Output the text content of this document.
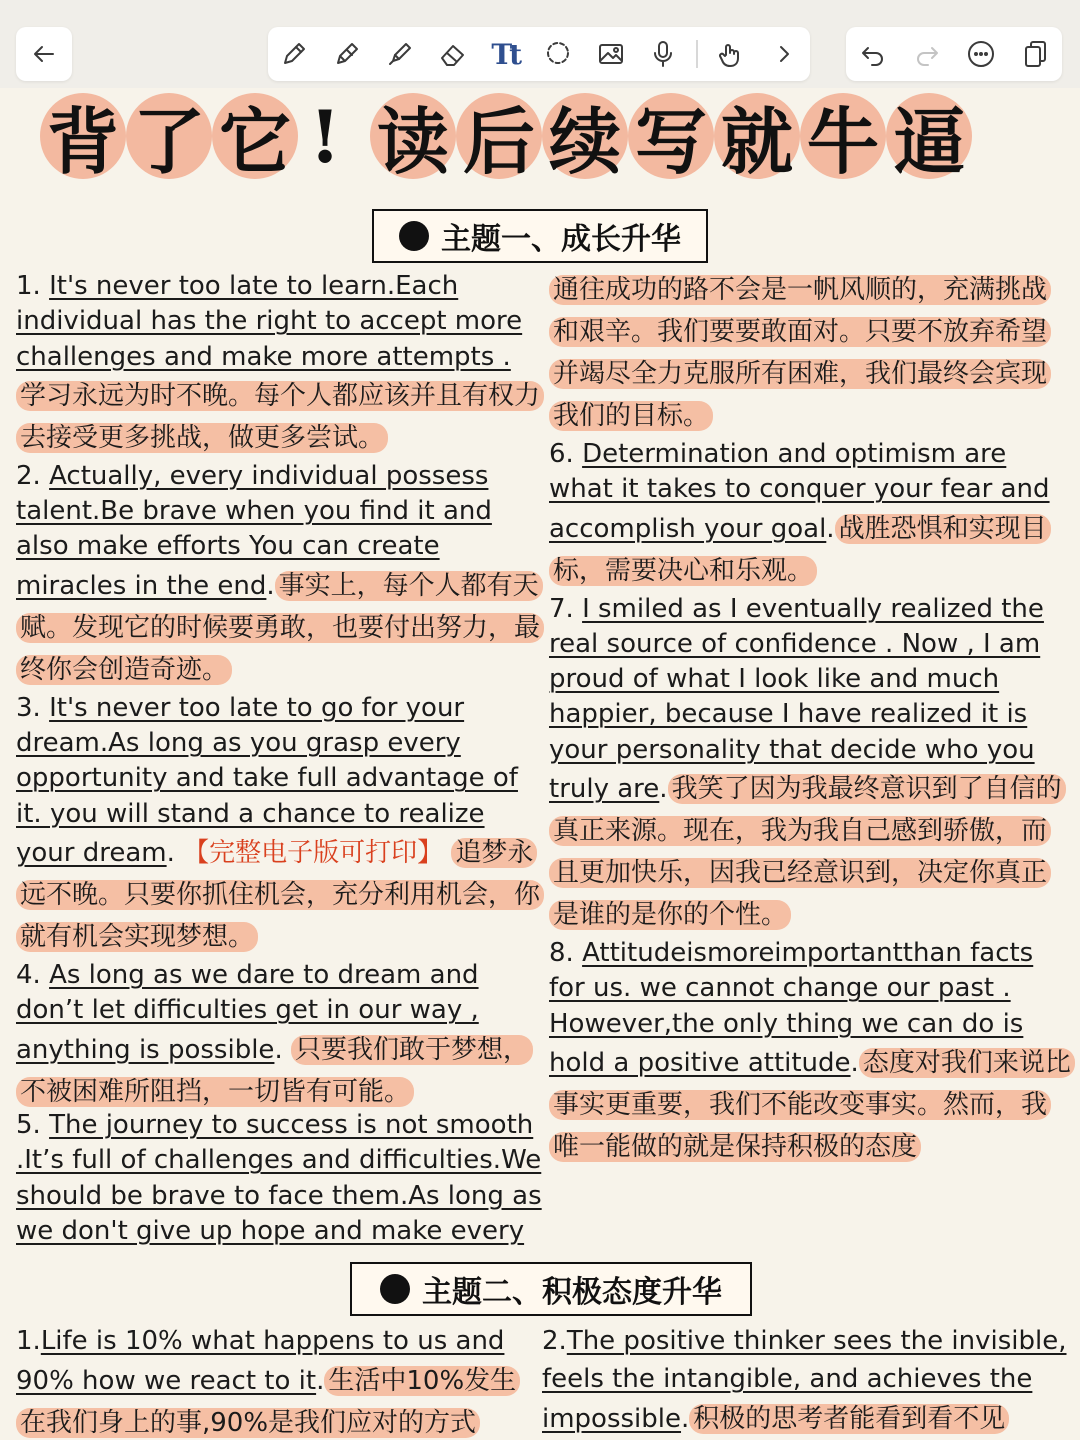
Tt
背 了 它 ! 读 后 续 写 就 牛 逼
主题一、成长升华

1. It's never too late to learn.Each individual has the right to accept more challenges and make more attempts . 学习永远为时不晚。每个人都应该并且有权力去接受更多挑战，做更多尝试。

2. Actually, every individual possess talent.Be brave when you find it and also make efforts You can create miracles in the end. 事实上，每个人都有天赋。发现它的时候要勇敢，也要付出努力，最终你会创造奇迹。

3. It's never too late to go for your dream.As long as you grasp every opportunity and take full advantage of it. you will stand a chance to realize your dream. 【完整电子版可打印】 追梦永远不晚。只要你抓住机会，充分利用机会，你就有机会实现梦想。

4. As long as we dare to dream and don’t let difficulties get in our way , anything is possible. 只要我们敢于梦想，不被困难所阻挡，一切皆有可能。

5. The journey to success is not smooth .It’s full of challenges and difficulties.We should be brave to face them.As long as we don't give up hope and make every

通往成功的路不会是一帆风顺的，充满挑战和艰辛。我们要要敢面对。只要不放弃希望并竭尽全力克服所有困难，我们最终会宾现我们的目标。

6. Determination and optimism are what it takes to conquer your fear and accomplish your goal. 战胜恐惧和实现目标，需要决心和乐观。

7. I smiled as I eventually realized the real source of confidence . Now , I am proud of what I look like and much happier, because I have realized it is your personality that decide who you truly are. 我笑了因为我最终意识到了自信的真正来源。现在，我为我自己感到骄傲，而且更加快乐，因我已经意识到，决定你真正是谁的是你的个性。

8. Attitudeismoreimportantthan facts for us. we cannot change our past . However,the only thing we can do is hold a positive attitude. 态度对我们来说比事实更重要，我们不能改变事实。然而，我唯一能做的就是保持积极的态度

主题二、积极态度升华

1.Life is 10% what happens to us and 90% how we react to it. 生活中10%发生在我们身上的事,90%是我们应对的方式

2.The positive thinker sees the invisible, feels the intangible, and achieves the impossible. 积极的思考者能看到看不见
